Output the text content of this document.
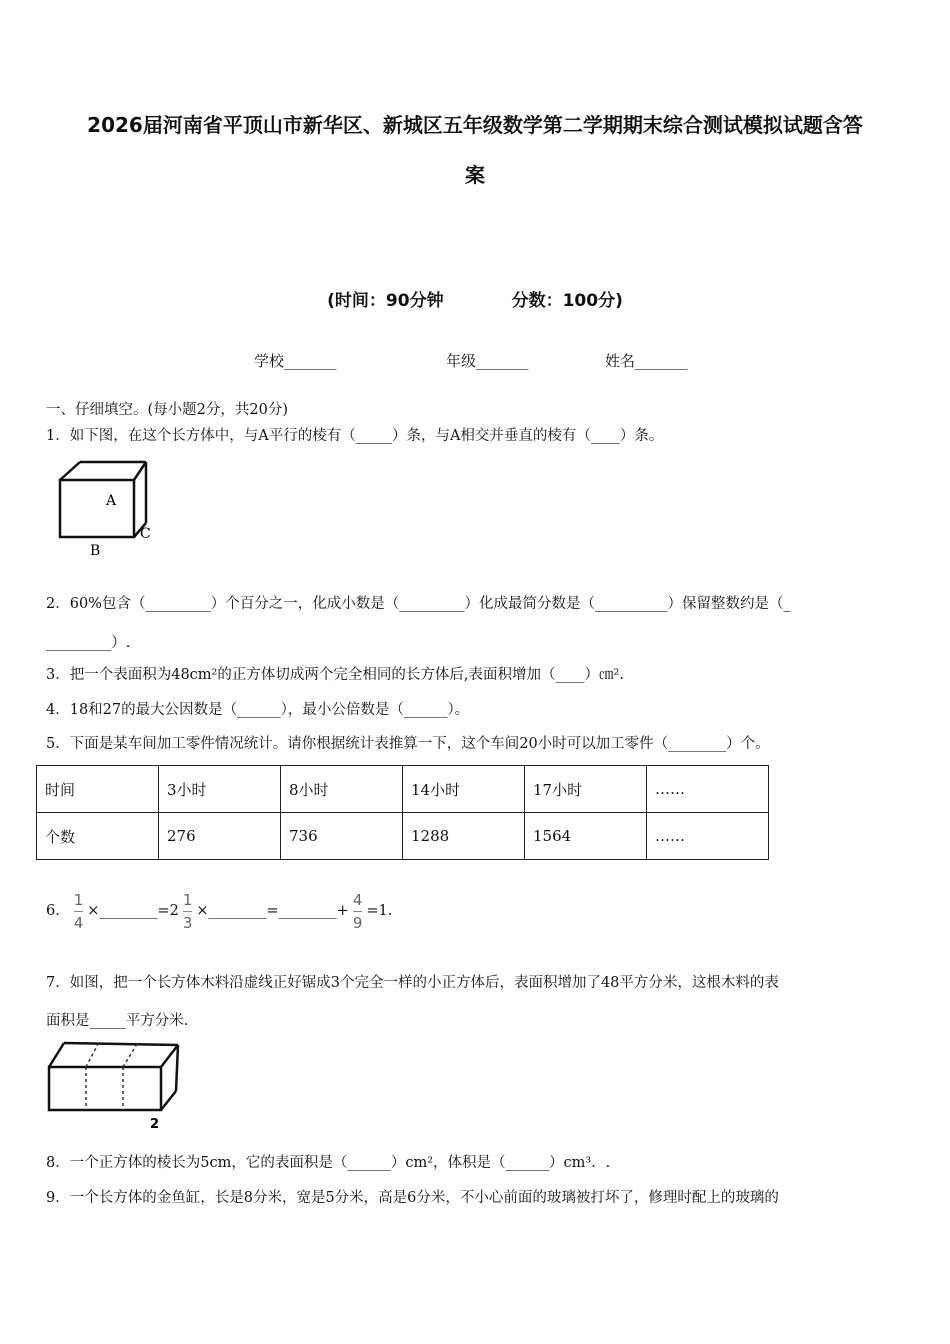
2026届河南省平顶山市新华区、新城区五年级数学第二学期期末综合测试模拟试题含答
案
(时间：90分钟	分数：100分)
学校_______	年级_______	姓名_______
一、仔细填空。(每小题2分，共20分)
1．如下图，在这个长方体中，与A平行的棱有（_____）条，与A相交并垂直的棱有（____）条。
A
B
C
2．60%包含（_________）个百分之一，化成小数是（_________）化成最简分数是（__________）保留整数约是（_
_________）.
3．把一个表面积为48cm²的正方体切成两个完全相同的长方体后,表面积增加（____）㎝².
4．18和27的最大公因数是（______），最小公倍数是（______）。
5．下面是某车间加工零件情况统计。请你根据统计表推算一下，这个车间20小时可以加工零件（________）个。
时间	3小时	8小时	14小时	17小时	……
个数	276	736	1288	1564	……
6． $\frac{1}{4}$ ×________=2 $\frac{1}{3}$ ×________=________+ $\frac{4}{9} =1$.
7．如图，把一个长方体木料沿虚线正好锯成3个完全一样的小正方体后，表面积增加了48平方分米，这根木料的表
面积是_____平方分米.
2
8．一个正方体的棱长为5cm，它的表面积是（______）cm²，体积是（______）cm³．.
9．一个长方体的金鱼缸，长是8分米，宽是5分米，高是6分米，不小心前面的玻璃被打坏了，修理时配上的玻璃的
